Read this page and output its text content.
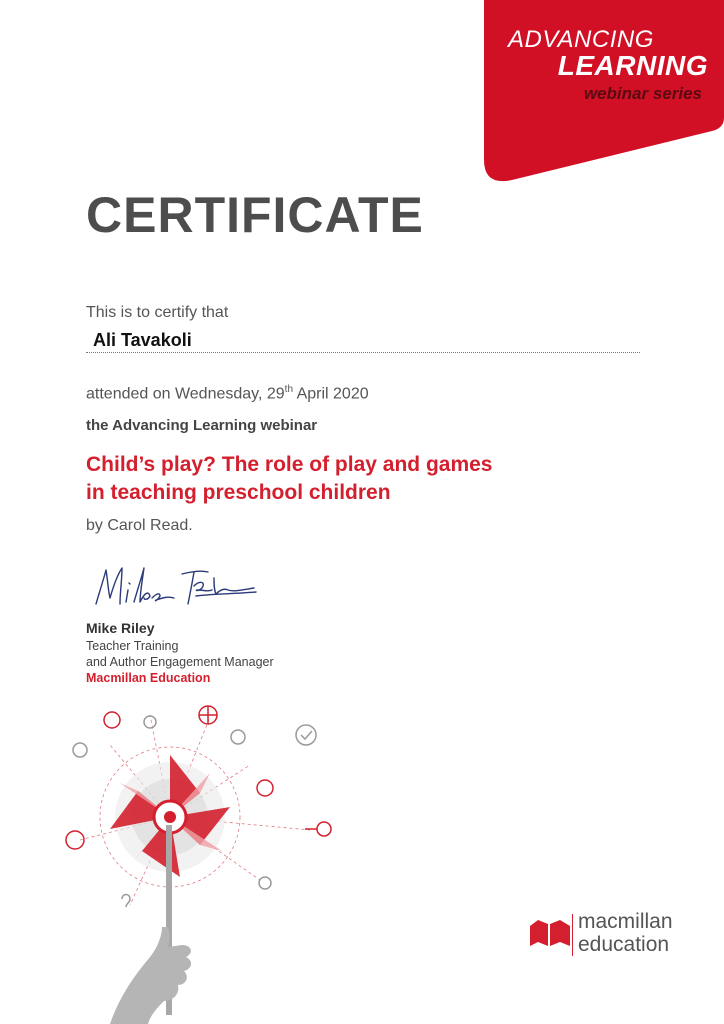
ADVANCING
LEARNING
webinar series
CERTIFICATE
This is to certify that
Ali Tavakoli
attended on Wednesday, 29th April 2020
the Advancing Learning webinar
Child’s play? The role of play and games
in teaching preschool children
by Carol Read.
Mike Riley
Teacher Training
and Author Engagement Manager
Macmillan Education
macmillan
education
